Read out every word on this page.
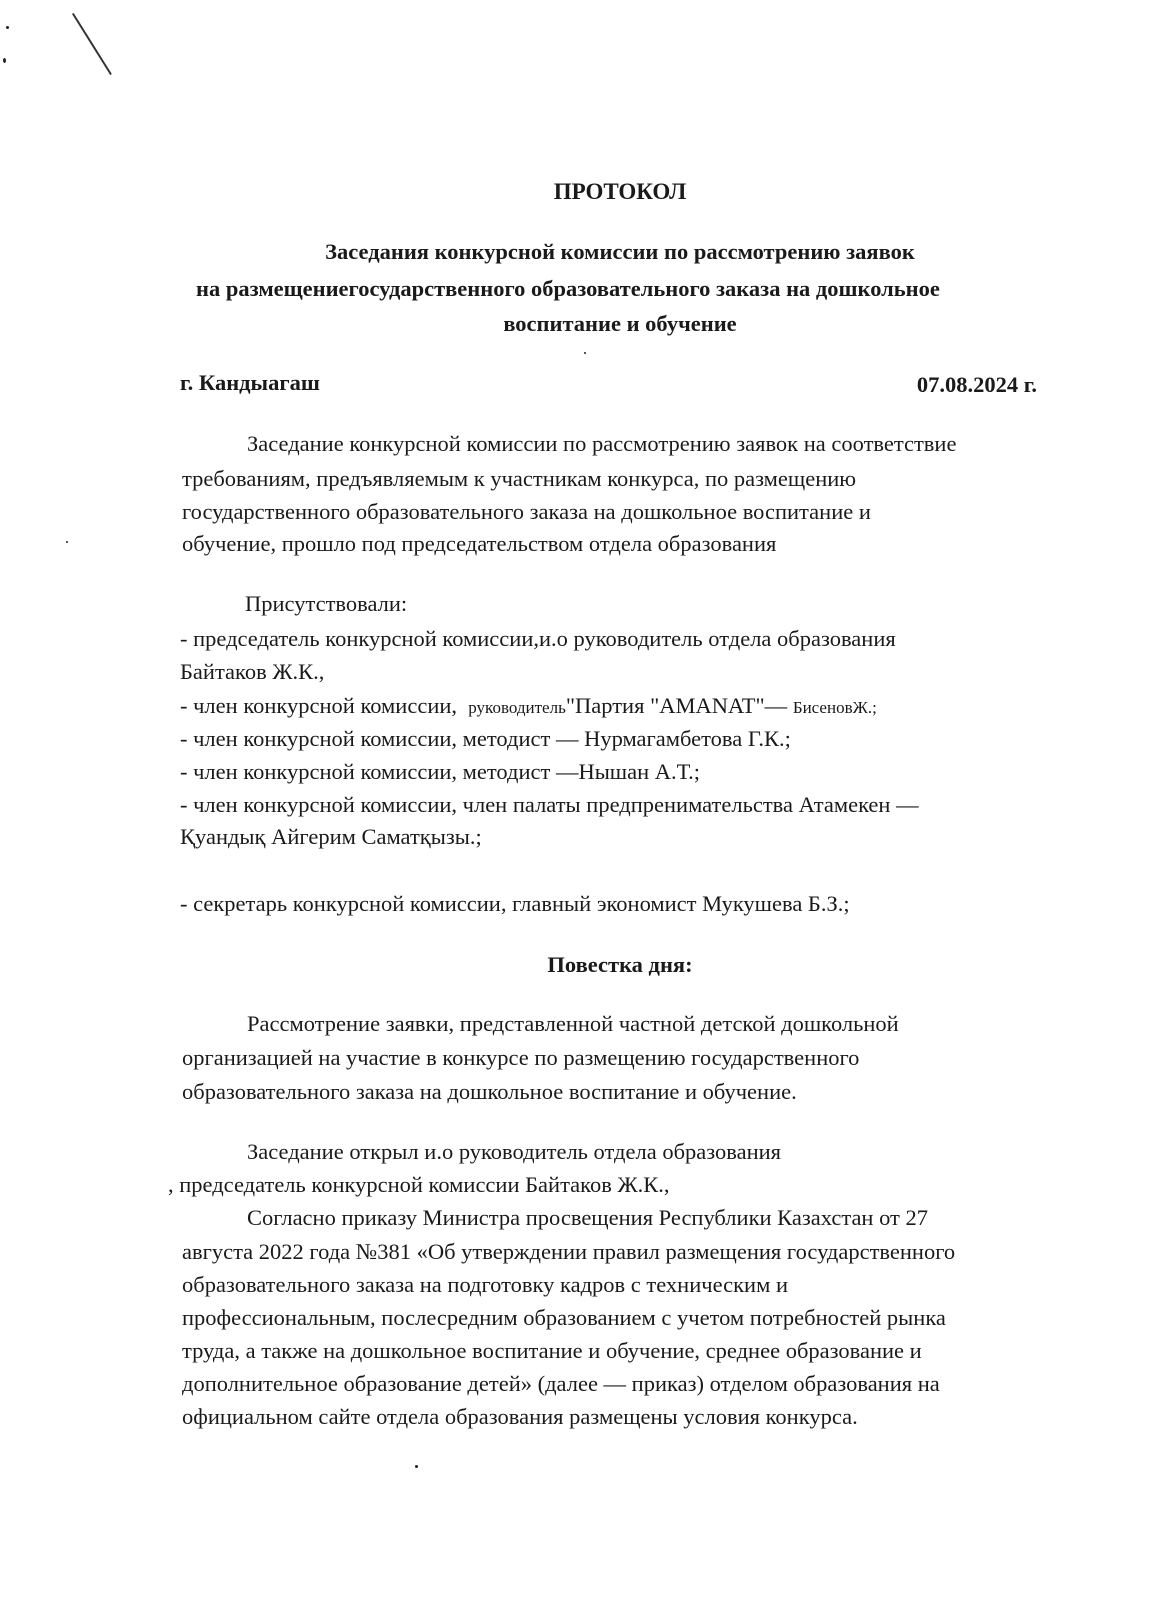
ПРОТОКОЛ
Заседания конкурсной комиссии по рассмотрению заявок
на размещениегосударственного образовательного заказа на дошкольное
воспитание и обучение
г. Кандыагаш	07.08.2024 г.
Заседание конкурсной комиссии по рассмотрению заявок на соответствие
требованиям, предъявляемым к участникам конкурса, по размещению
государственного образовательного заказа на дошкольное воспитание и
обучение, прошло под председательством отдела образования
Присутствовали:
- председатель конкурсной комиссии,и.о руководитель отдела образования
Байтаков Ж.К.,
- член конкурсной комиссии, руководитель"Партия "AMANAT"— БисеновЖ.;
- член конкурсной комиссии, методист — Нурмагамбетова Г.К.;
- член конкурсной комиссии, методист —Нышан А.Т.;
- член конкурсной комиссии, член палаты предпренимательства Атамекен —
Қуандық Айгерим Саматқызы.;
- секретарь конкурсной комиссии, главный экономист Мукушева Б.З.;
Повестка дня:
Рассмотрение заявки, представленной частной детской дошкольной
организацией на участие в конкурсе по размещению государственного
образовательного заказа на дошкольное воспитание и обучение.
Заседание открыл и.о руководитель отдела образования
, председатель конкурсной комиссии Байтаков Ж.К.,
Согласно приказу Министра просвещения Республики Казахстан от 27
августа 2022 года №381 «Об утверждении правил размещения государственного
образовательного заказа на подготовку кадров с техническим и
профессиональным, послесредним образованием с учетом потребностей рынка
труда, а также на дошкольное воспитание и обучение, среднее образование и
дополнительное образование детей» (далее — приказ) отделом образования на
официальном сайте отдела образования размещены условия конкурса.
